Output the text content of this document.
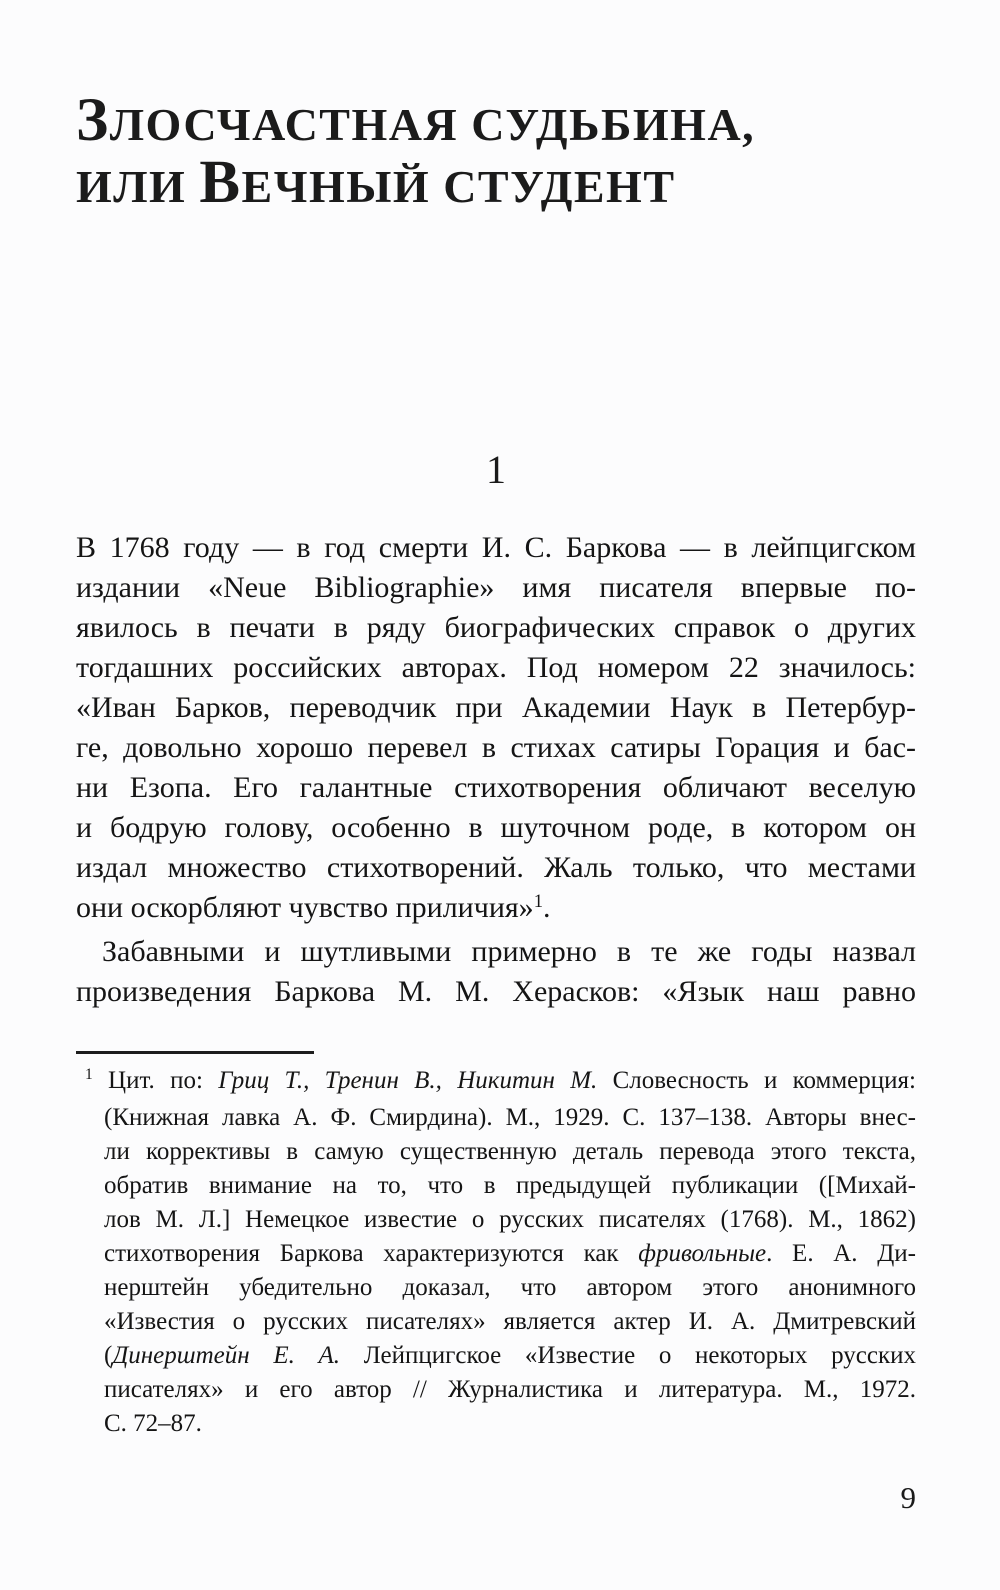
ЗЛОСЧАСТНАЯ СУДЬБИНА,
ИЛИ ВЕЧНЫЙ СТУДЕНТ
1
В 1768 году — в год смерти И. С. Баркова — в лейпцигском
издании «Neue Bibliographie» имя писателя впервые по-
явилось в печати в ряду биографических справок о других
тогдашних российских авторах. Под номером 22 значилось:
«Иван Барков, переводчик при Академии Наук в Петербур-
ге, довольно хорошо перевел в стихах сатиры Горация и бас-
ни Езопа. Его галантные стихотворения обличают веселую
и бодрую голову, особенно в шуточном роде, в котором он
издал множество стихотворений. Жаль только, что местами
они оскорбляют чувство приличия»$^1$.
Забавными и шутливыми примерно в те же годы назвал
произведения Баркова М. М. Херасков: «Язык наш равно
$^1$ Цит. по: Гриц Т., Тренин В., Никитин М. Словесность и коммерция:
(Книжная лавка А. Ф. Смирдина). М., 1929. С. 137–138. Авторы внес-
ли коррективы в самую существенную деталь перевода этого текста,
обратив внимание на то, что в предыдущей публикации ([Михай-
лов М. Л.] Немецкое известие о русских писателях (1768). М., 1862)
стихотворения Баркова характеризуются как фривольные. Е. А. Ди-
нерштейн убедительно доказал, что автором этого анонимного
«Известия о русских писателях» является актер И. А. Дмитревский
(Динерштейн Е. А. Лейпцигское «Известие о некоторых русских
писателях» и его автор // Журналистика и литература. М., 1972.
С. 72–87.
9
